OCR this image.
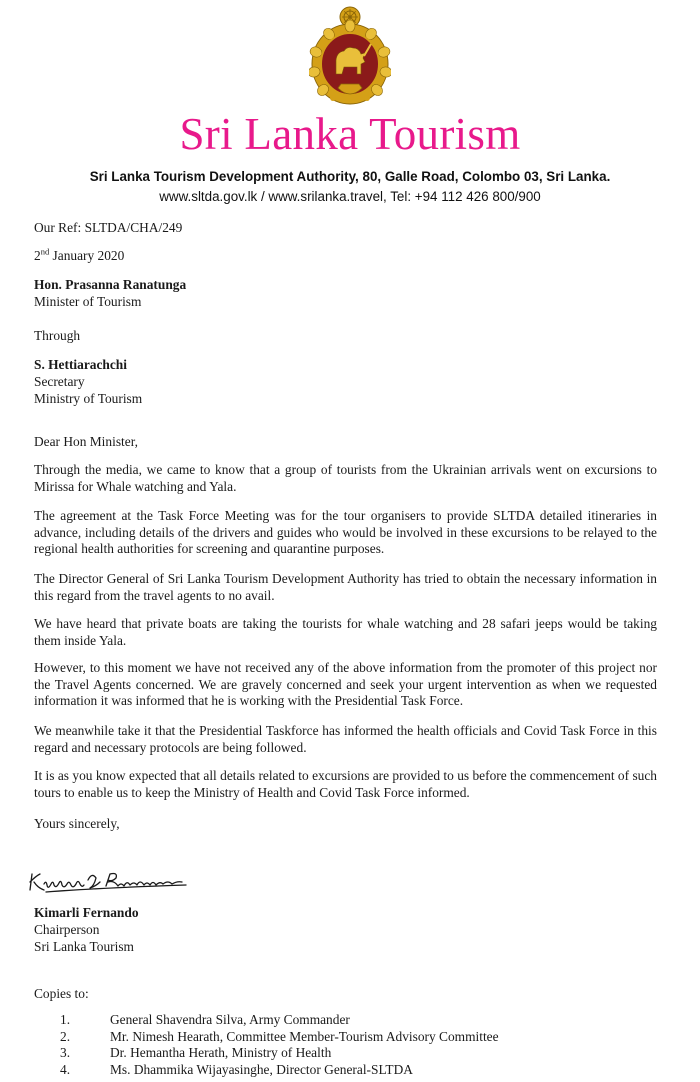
Sri Lanka Tourism
Sri Lanka Tourism Development Authority, 80, Galle Road, Colombo 03, Sri Lanka.
www.sltda.gov.lk / www.srilanka.travel, Tel: +94 112 426 800/900
Our Ref: SLTDA/CHA/249
2nd January 2020
Hon. Prasanna Ranatunga
Minister of Tourism
Through
S. Hettiarachchi
Secretary
Ministry of Tourism
Dear Hon Minister,
Through the media, we came to know that a group of tourists from the Ukrainian arrivals went on excursions to Mirissa for Whale watching and Yala.
The agreement at the Task Force Meeting was for the tour organisers to provide SLTDA detailed itineraries in advance, including details of the drivers and guides who would be involved in these excursions to be relayed to the regional health authorities for screening and quarantine purposes.
The Director General of Sri Lanka Tourism Development Authority has tried to obtain the necessary information in this regard from the travel agents to no avail.
We have heard that private boats are taking the tourists for whale watching and 28 safari jeeps would be taking them inside Yala.
However, to this moment we have not received any of the above information from the promoter of this project nor the Travel Agents concerned. We are gravely concerned and seek your urgent intervention as when we requested information it was informed that he is working with the Presidential Task Force.
We meanwhile take it that the Presidential Taskforce has informed the health officials and Covid Task Force in this regard and necessary protocols are being followed.
It is as you know expected that all details related to excursions are provided to us before the commencement of such tours to enable us to keep the Ministry of Health and Covid Task Force informed.
Yours sincerely,
Kimarli Fernando
Chairperson
Sri Lanka Tourism
Copies to:
1.	General Shavendra Silva, Army Commander
2.	Mr. Nimesh Hearath, Committee Member-Tourism Advisory Committee
3.	Dr. Hemantha Herath, Ministry of Health
4.	Ms. Dhammika Wijayasinghe, Director General-SLTDA
